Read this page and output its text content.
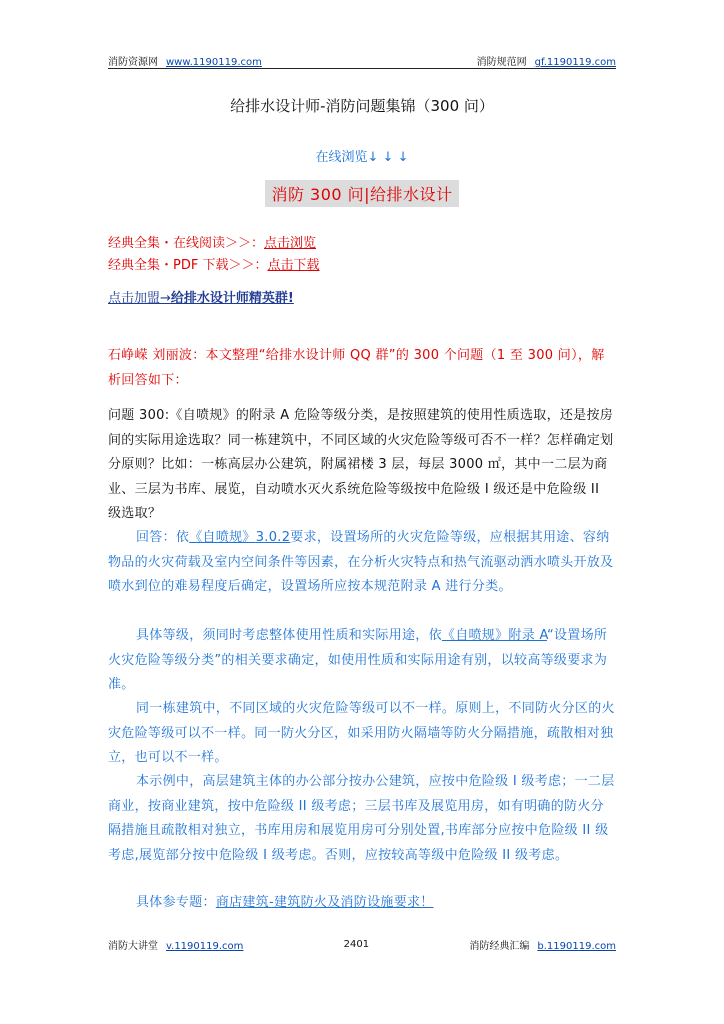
消防资源网 www.1190119.com	消防规范网 gf.1190119.com
给排水设计师-消防问题集锦（300 问）
在线浏览↓ ↓ ↓
消防 300 问|给排水设计
经典全集・在线阅读＞＞：点击浏览
经典全集・PDF 下载＞＞：点击下载
点击加盟→给排水设计师精英群!

石峥嵘 刘丽波：本文整理“给排水设计师 QQ 群”的 300 个问题（1 至 300 问），解析回答如下：

问题 300:《自喷规》的附录 A 危险等级分类，是按照建筑的使用性质选取，还是按房间的实际用途选取？同一栋建筑中，不同区域的火灾危险等级可否不一样？怎样确定划分原则？比如：一栋高层办公建筑，附属裙楼 3 层，每层 3000 ㎡，其中一二层为商业、三层为书库、展览，自动喷水灭火系统危险等级按中危险级 I 级还是中危险级 II 级选取？

回答：依《自喷规》3.0.2要求，设置场所的火灾危险等级，应根据其用途、容纳物品的火灾荷载及室内空间条件等因素，在分析火灾特点和热气流驱动洒水喷头开放及喷水到位的难易程度后确定，设置场所应按本规范附录 A 进行分类。

具体等级，须同时考虑整体使用性质和实际用途，依《自喷规》附录 A“设置场所火灾危险等级分类”的相关要求确定，如使用性质和实际用途有别，以较高等级要求为准。

同一栋建筑中，不同区域的火灾危险等级可以不一样。原则上，不同防火分区的火灾危险等级可以不一样。同一防火分区，如采用防火隔墙等防火分隔措施，疏散相对独立，也可以不一样。

本示例中，高层建筑主体的办公部分按办公建筑，应按中危险级 I 级考虑；一二层商业，按商业建筑，按中危险级 II 级考虑；三层书库及展览用房，如有明确的防火分隔措施且疏散相对独立，书库用房和展览用房可分别处置,书库部分应按中危险级 II 级考虑,展览部分按中危险级 I 级考虑。否则，应按较高等级中危险级 II 级考虑。

具体参专题：商店建筑-建筑防火及消防设施要求！

消防大讲堂 v.1190119.com	2401	消防经典汇编 b.1190119.com
